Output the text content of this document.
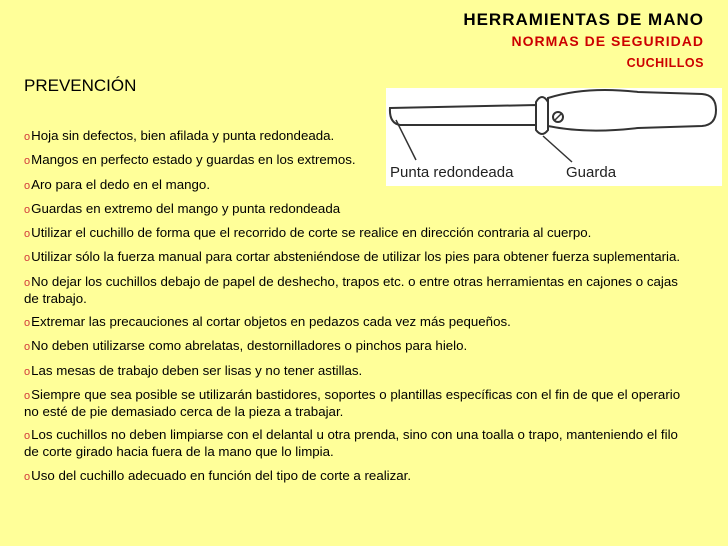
HERRAMIENTAS DE MANO
NORMAS DE SEGURIDAD
CUCHILLOS
PREVENCIÓN
Punta redondeada	Guarda
oHoja sin defectos, bien afilada y punta redondeada.
oMangos en perfecto estado y guardas en los extremos.
oAro para el dedo en el mango.
oGuardas en extremo del mango y punta redondeada
oUtilizar el cuchillo de forma que el recorrido de corte se realice en dirección contraria al cuerpo.
oUtilizar sólo la fuerza manual para cortar absteniéndose de utilizar los pies para obtener fuerza suplementaria.
oNo dejar los cuchillos debajo de papel de deshecho, trapos etc. o entre otras herramientas en cajones o cajas de trabajo.
oExtremar las precauciones al cortar objetos en pedazos cada vez más pequeños.
oNo deben utilizarse como abrelatas, destornilladores o pinchos para hielo.
oLas mesas de trabajo deben ser lisas y no tener astillas.
oSiempre que sea posible se utilizarán bastidores, soportes o plantillas específicas con el fin de que el operario no esté de pie demasiado cerca de la pieza a trabajar.
oLos cuchillos no deben limpiarse con el delantal u otra prenda, sino con una toalla o trapo, manteniendo el filo de corte girado hacia fuera de la mano que lo limpia.
oUso del cuchillo adecuado en función del tipo de corte a realizar.
